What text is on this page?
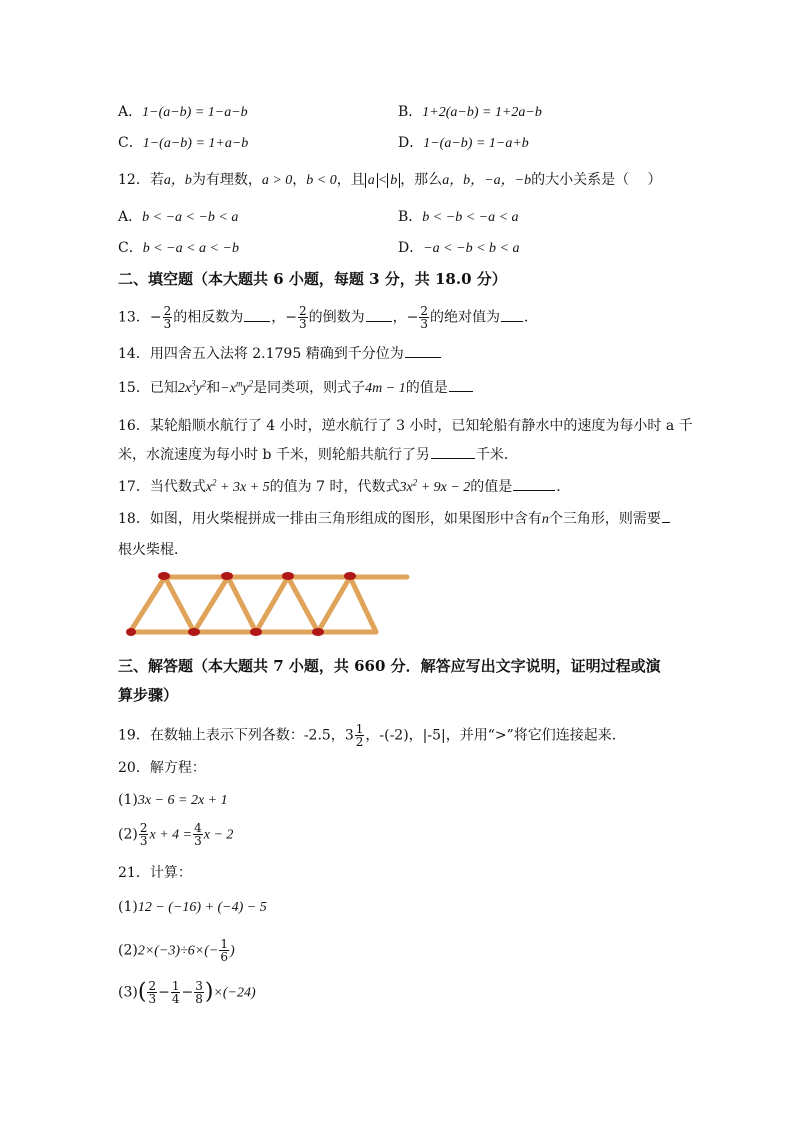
A．1−(a−b) = 1−a−b	B．1+2(a−b) = 1+2a−b
C．1−(a−b) = 1+a−b	D．1−(a−b) = 1−a+b
12．若a，b为有理数，a > 0，b < 0，且 a < b ，那么a，b，−a，−b的大小关系是（　 ）
A．b < −a < −b < a	B．b < −b < −a < a
C．b < −a < a < −b	D．−a < −b < b < a
二、填空题（本大题共 6 小题，每题 3 分，共 18.0 分）
13．− $\frac{2}{3}$ 的相反数为 ，− $\frac{2}{3}$ 的倒数为 ，− $\frac{2}{3}$ 的绝对值为 ．
14．用四舍五入法将 2.1795 精确到千分位为
15．已知$2x^3y^2$和$-x^my^2$是同类项，则式子4m − 1的值是
16．某轮船顺水航行了 4 小时，逆水航行了 3 小时，已知轮船有静水中的速度为每小时 a 千
米，水流速度为每小时 b 千米，则轮船共航行了另	千米．
17．当代数式$x^2 + 3x + 5$的值为 7 时，代数式$3x^2 + 9x - 2$的值是	．
18．如图，用火柴棍拼成一排由三角形组成的图形，如果图形中含有n个三角形，则需要
根火柴棍．
三、解答题（本大题共 7 小题，共 660 分．解答应写出文字说明，证明过程或演
算步骤）
19．在数轴上表示下列各数：-2.5，$3 \frac{1}{2}$ ，-(-2)，|-5|，并用“>”将它们连接起来．
20．解方程：
(1)3x − 6 = 2x + 1
$(2) \frac{2}{3}$ $x + 4 = \frac{4}{3}$ x − 2
21．计算：
(1)12 − (−16) + (−4) − 5
$(2)2\times(-3)\div 6\times(- \frac{1}{6}$ )
$(3)( \frac{2}{3} - \frac{1}{4} - \frac{3}{8} )\times(-24)$
